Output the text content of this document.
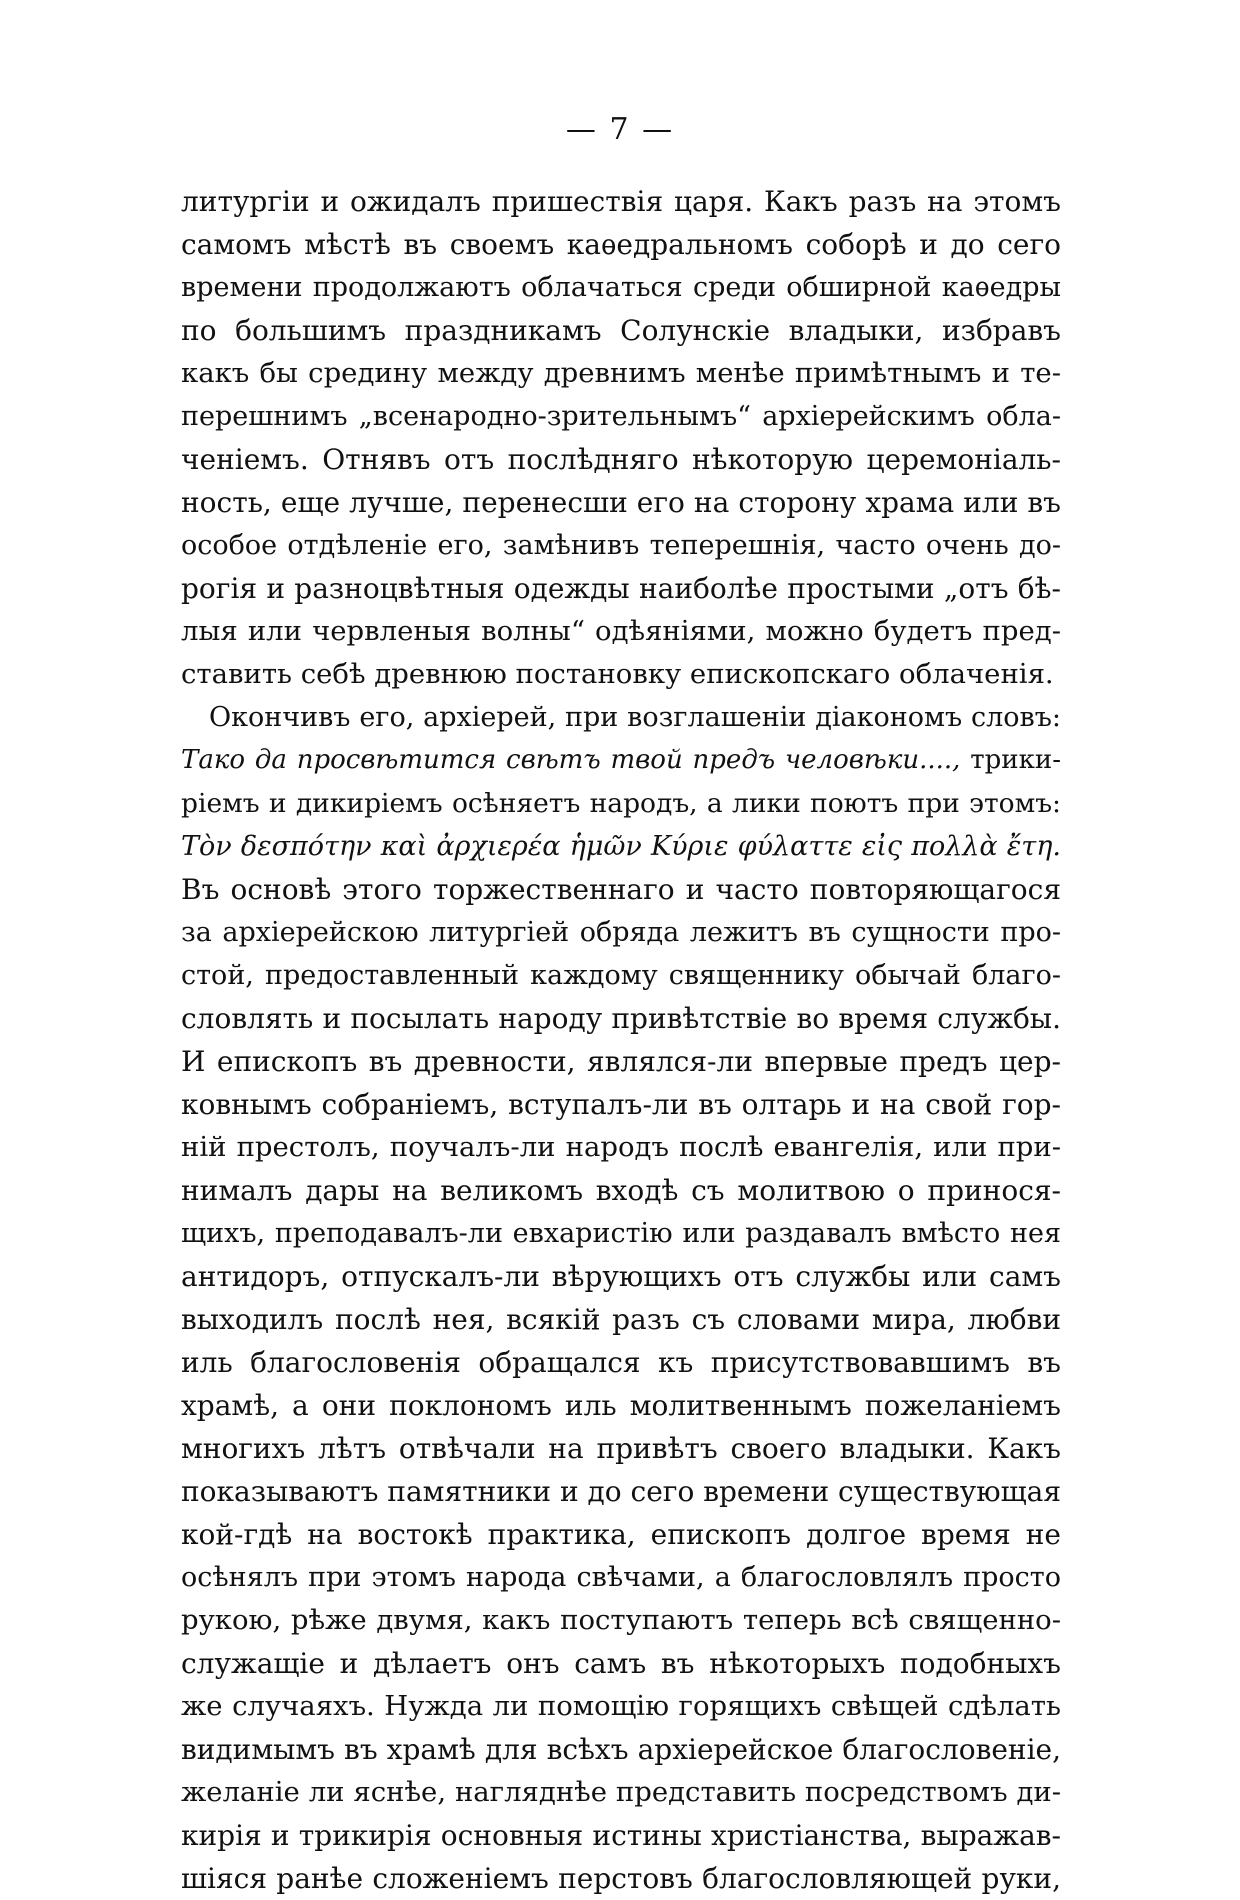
— 7 —
литургіи и ожидалъ пришествія царя. Какъ разъ на этомъ
самомъ мѣстѣ въ своемъ каѳедральномъ соборѣ и до сего
времени продолжаютъ облачаться среди обширной каѳедры
по большимъ праздникамъ Солунскіе владыки, избравъ
какъ бы средину между древнимъ менѣе примѣтнымъ и те-
перешнимъ „всенародно-зрительнымъ“ архіерейскимъ обла-
ченіемъ. Отнявъ отъ послѣдняго нѣкоторую церемоніаль-
ность, еще лучше, перенесши его на сторону храма или въ
особое отдѣленіе его, замѣнивъ теперешнія, часто очень до-
рогія и разноцвѣтныя одежды наиболѣе простыми „отъ бѣ-
лыя или червленыя волны“ одѣяніями, можно будетъ пред-
ставить себѣ древнюю постановку епископскаго облаченія.
Окончивъ его, архіерей, при возглашеніи діакономъ словъ:
Тако да просвѣтится свѣтъ твой предъ человѣки...., трики-
ріемъ и дикиріемъ осѣняетъ народъ, а лики поютъ при этомъ:
Τὸν δεσπότην καὶ ἀρχιερέα ἡμῶν Κύριε φύλαττε εἰς πολλὰ ἔτη.
Въ основѣ этого торжественнаго и часто повторяющагося
за архіерейскою литургіей обряда лежитъ въ сущности про-
стой, предоставленный каждому священнику обычай благо-
словлять и посылать народу привѣтствіе во время службы.
И епископъ въ древности, являлся-ли впервые предъ цер-
ковнымъ собраніемъ, вступалъ-ли въ олтарь и на свой гор-
ній престолъ, поучалъ-ли народъ послѣ евангелія, или при-
нималъ дары на великомъ входѣ съ молитвою о принося-
щихъ, преподавалъ-ли евхаристію или раздавалъ вмѣсто нея
антидоръ, отпускалъ-ли вѣрующихъ отъ службы или самъ
выходилъ послѣ нея, всякій разъ съ словами мира, любви
иль благословенія обращался къ присутствовавшимъ въ
храмѣ, а они поклономъ иль молитвеннымъ пожеланіемъ
многихъ лѣтъ отвѣчали на привѣтъ своего владыки. Какъ
показываютъ памятники и до сего времени существующая
кой-гдѣ на востокѣ практика, епископъ долгое время не
осѣнялъ при этомъ народа свѣчами, а благословлялъ просто
рукою, рѣже двумя, какъ поступаютъ теперь всѣ священно-
служащіе и дѣлаетъ онъ самъ въ нѣкоторыхъ подобныхъ
же случаяхъ. Нужда ли помощію горящихъ свѣщей сдѣлать
видимымъ въ храмѣ для всѣхъ архіерейское благословеніе,
желаніе ли яснѣе, нагляднѣе представить посредствомъ ди-
кирія и трикирія основныя истины христіанства, выражав-
шіяся ранѣе сложеніемъ перстовъ благословляющей руки,
